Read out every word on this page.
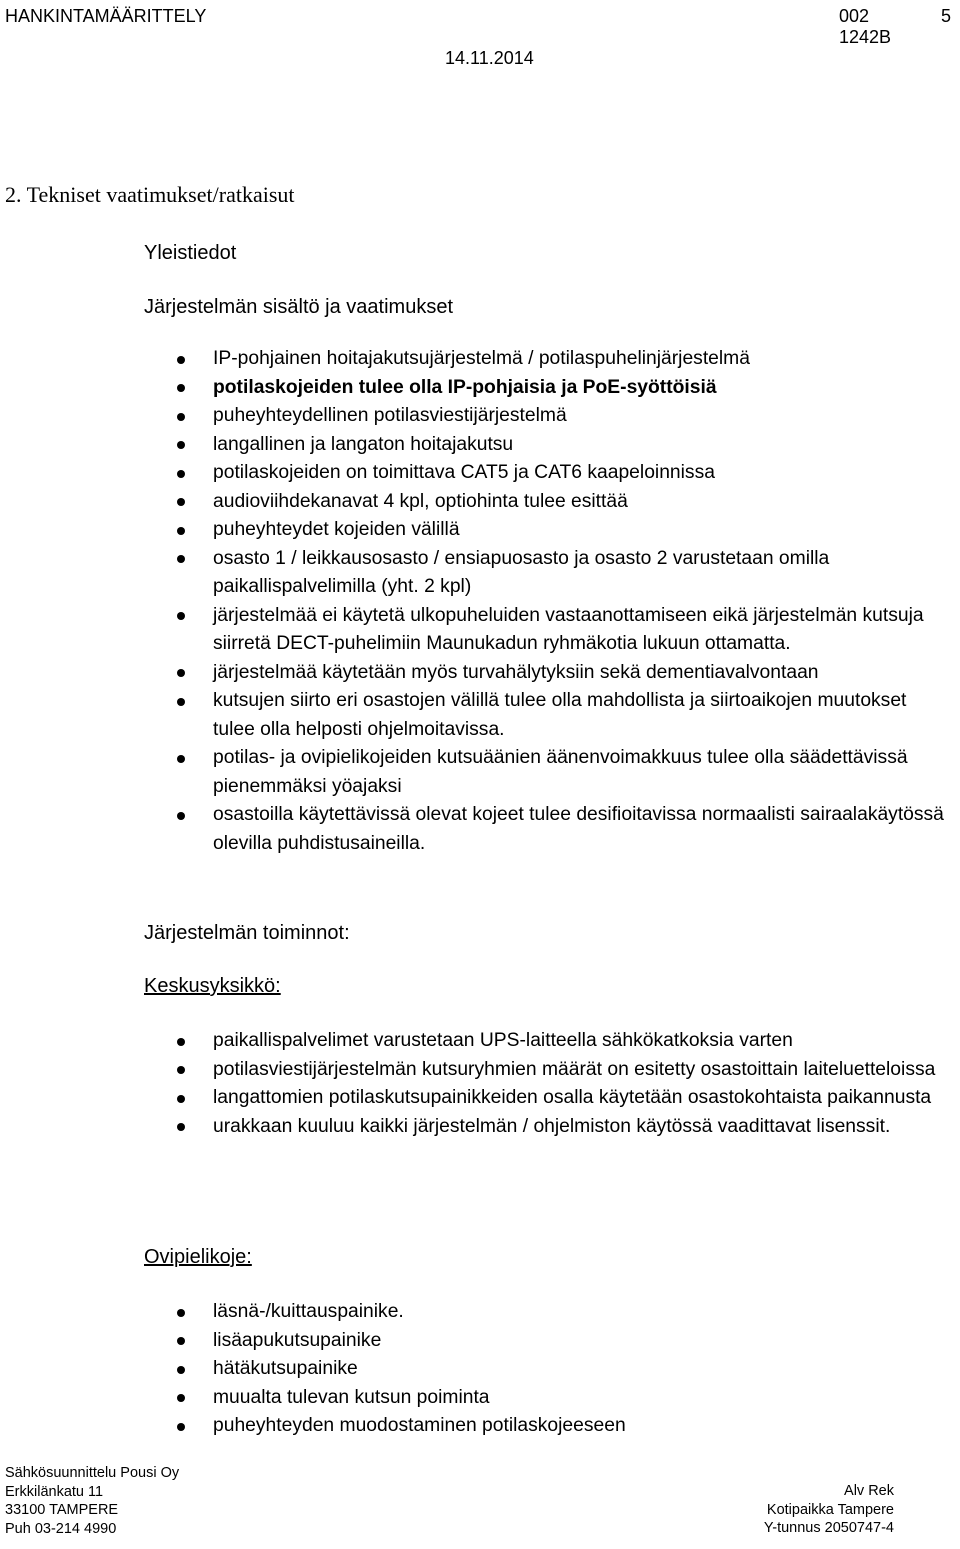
HANKINTAMÄÄRITTELY
14.11.2014
002
1242B
5
2. Tekniset vaatimukset/ratkaisut
Yleistiedot
Järjestelmän sisältö ja vaatimukset
IP-pohjainen hoitajakutsujärjestelmä / potilaspuhelinjärjestelmä
potilaskojeiden tulee olla IP-pohjaisia ja PoE-syöttöisiä
puheyhteydellinen potilasviestijärjestelmä
langallinen ja langaton hoitajakutsu
potilaskojeiden on toimittava CAT5 ja CAT6 kaapeloinnissa
audioviihdekanavat 4 kpl, optiohinta tulee esittää
puheyhteydet kojeiden välillä
osasto 1 / leikkausosasto / ensiapuosasto ja osasto 2 varustetaan omilla paikallispalvelimilla (yht. 2 kpl)
järjestelmää ei käytetä ulkopuheluiden vastaanottamiseen eikä järjestelmän kutsuja siirretä DECT-puhelimiin Maunukadun ryhmäkotia lukuun ottamatta.
järjestelmää käytetään myös turvahälytyksiin sekä dementiavalvontaan
kutsujen siirto eri osastojen välillä tulee olla mahdollista ja siirtoaikojen muutokset tulee olla helposti ohjelmoitavissa.
potilas- ja ovipielikojeiden kutsuäänien äänenvoimakkuus tulee olla säädettävissä pienemmäksi yöajaksi
osastoilla käytettävissä olevat kojeet tulee desifioitavissa normaalisti sairaalakäytössä olevilla puhdistusaineilla.
Järjestelmän toiminnot:
Keskusyksikkö:
paikallispalvelimet varustetaan UPS-laitteella sähkökatkoksia varten
potilasviestijärjestelmän kutsuryhmien määrät on esitetty osastoittain laiteluetteloissa
langattomien potilaskutsupainikkeiden osalla käytetään osastokohtaista paikannusta
urakkaan kuuluu kaikki järjestelmän / ohjelmiston käytössä vaadittavat lisenssit.
Ovipielikoje:
läsnä-/kuittauspainike.
lisäapukutsupainike
hätäkutsupainike
muualta tulevan kutsun poiminta
puheyhteyden muodostaminen potilaskojeeseen
Sähkösuunnittelu Pousi Oy
Erkkilänkatu 11
33100 TAMPERE
Puh 03-214 4990
Alv Rek
Kotipaikka Tampere
Y-tunnus 2050747-4
